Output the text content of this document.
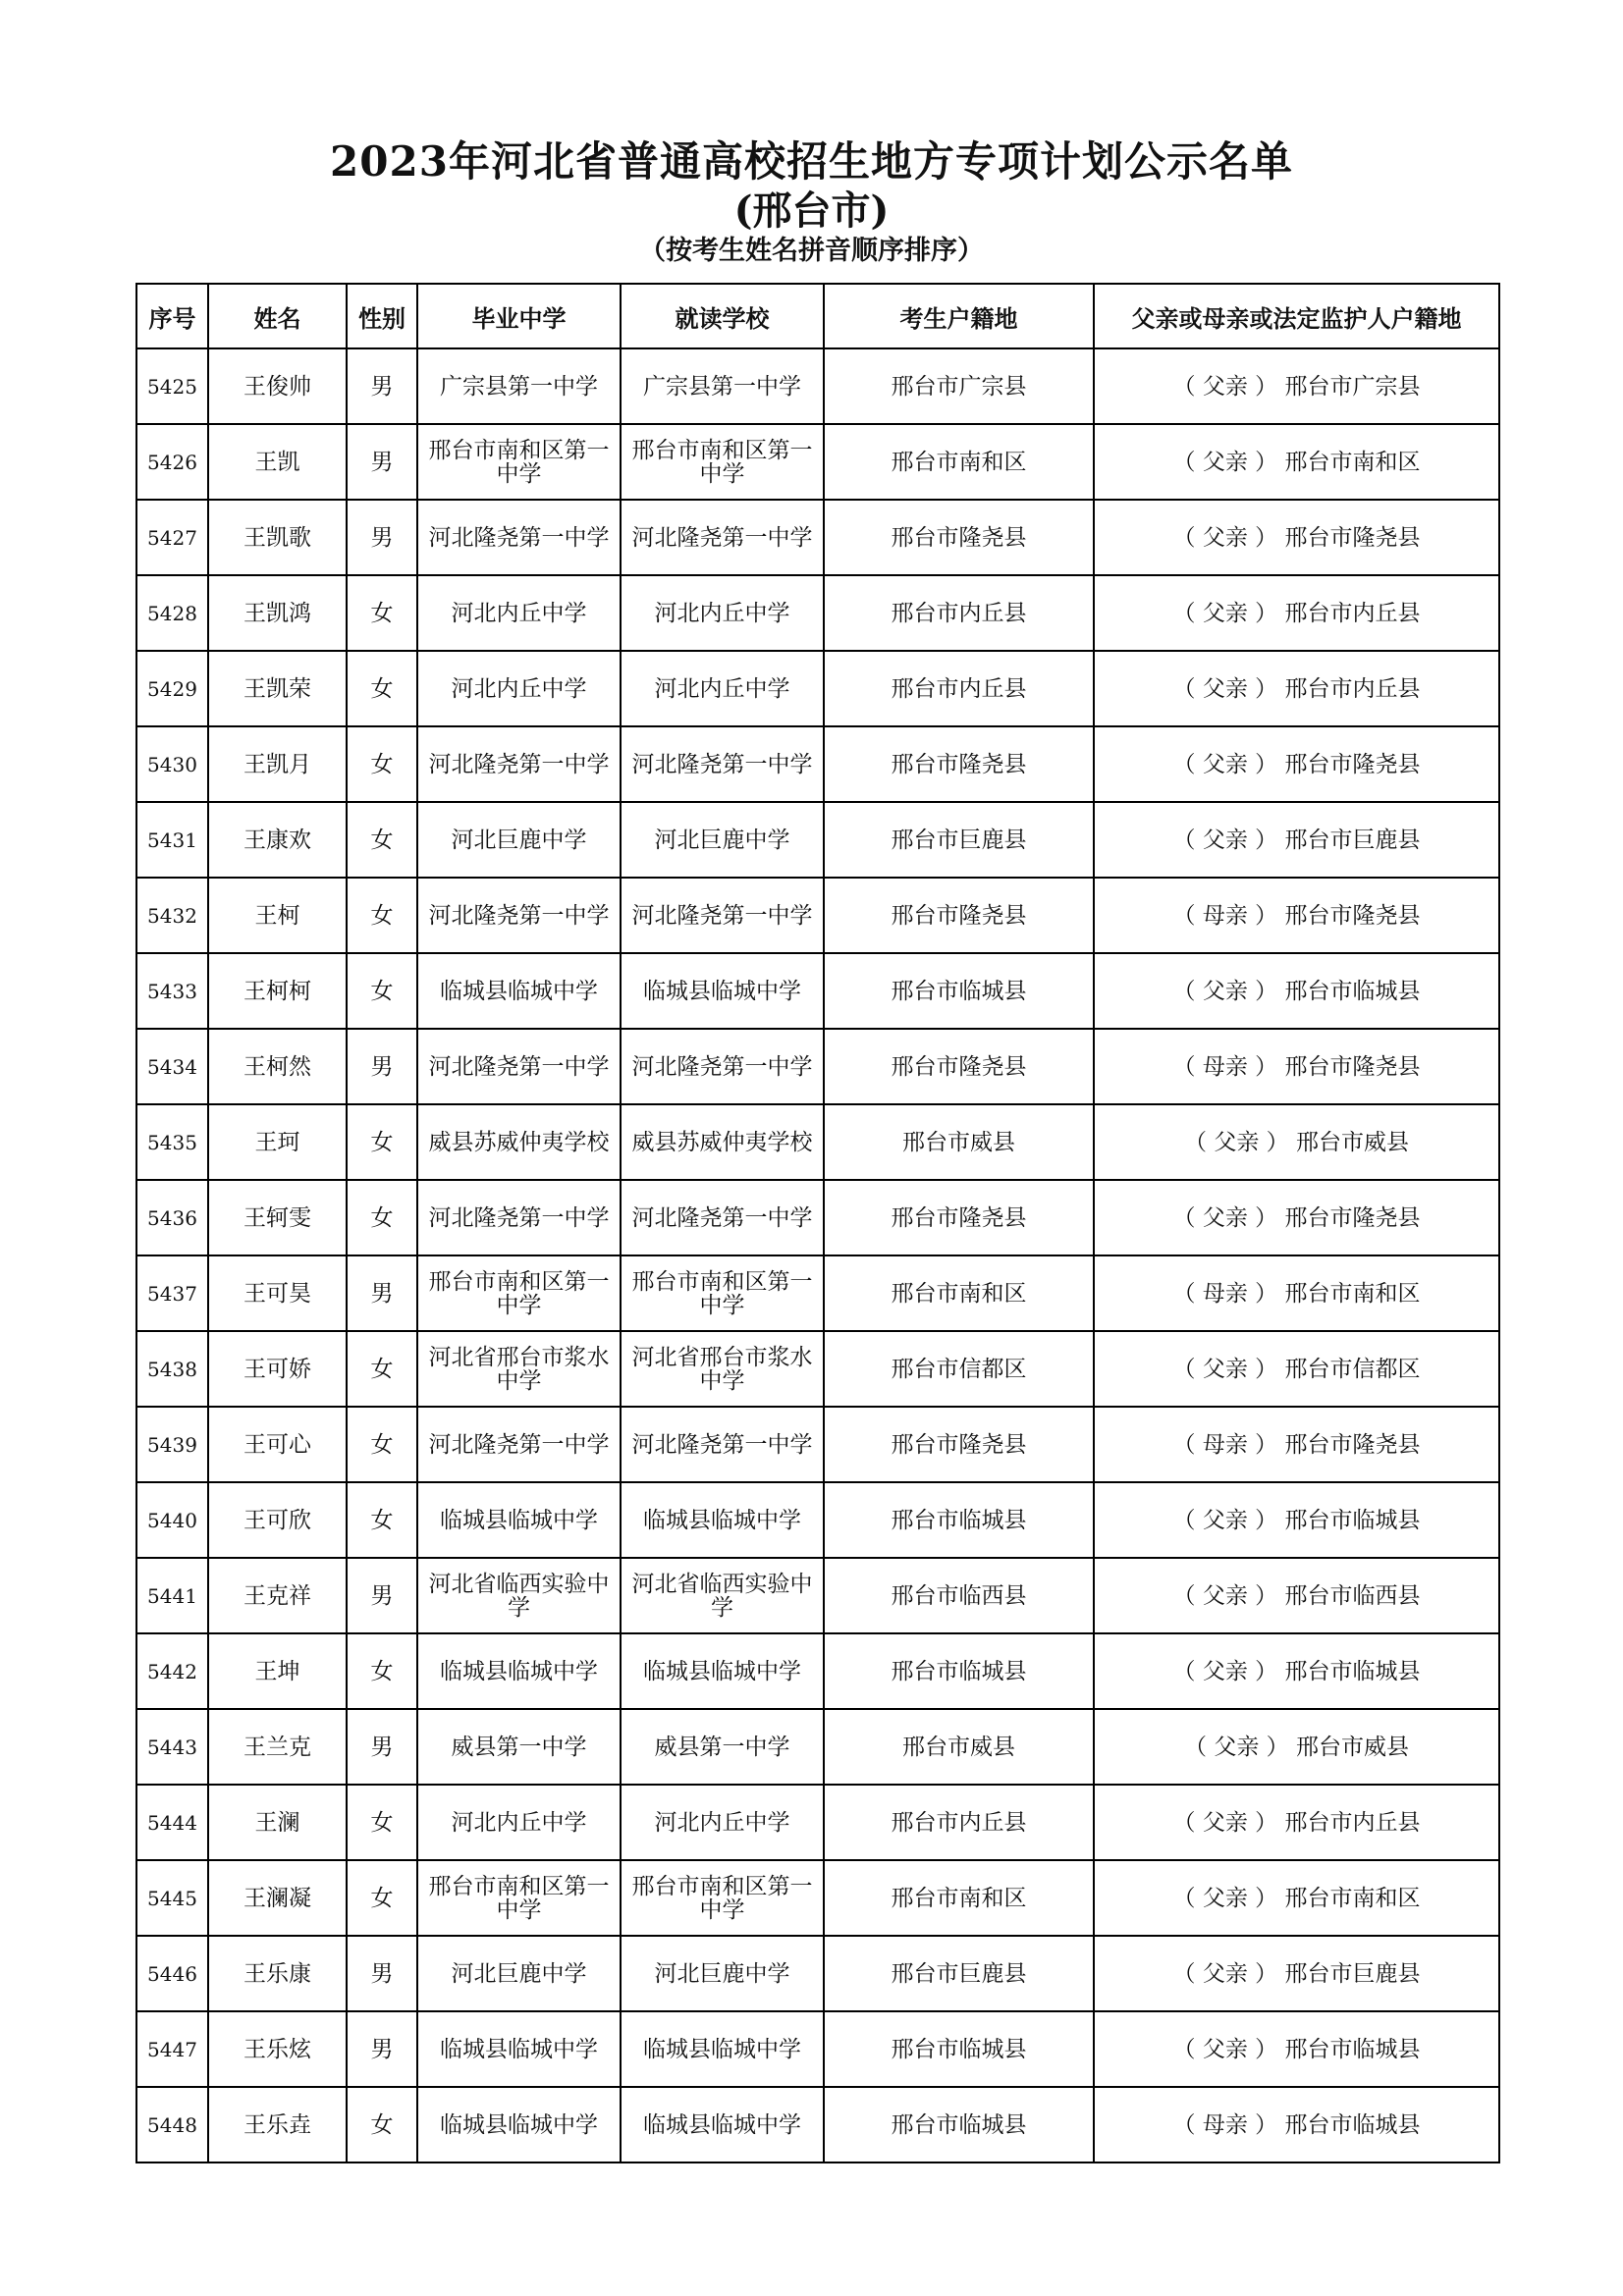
2023年河北省普通高校招生地方专项计划公示名单
(邢台市)
（按考生姓名拼音顺序排序）
序号	姓名	性别	毕业中学	就读学校	考生户籍地	父亲或母亲或法定监护人户籍地
5425	王俊帅	男	广宗县第一中学	广宗县第一中学	邢台市广宗县	（ 父亲 ） 邢台市广宗县
5426	王凯	男	邢台市南和区第一中学	邢台市南和区第一中学	邢台市南和区	（ 父亲 ） 邢台市南和区
5427	王凯歌	男	河北隆尧第一中学	河北隆尧第一中学	邢台市隆尧县	（ 父亲 ） 邢台市隆尧县
5428	王凯鸿	女	河北内丘中学	河北内丘中学	邢台市内丘县	（ 父亲 ） 邢台市内丘县
5429	王凯荣	女	河北内丘中学	河北内丘中学	邢台市内丘县	（ 父亲 ） 邢台市内丘县
5430	王凯月	女	河北隆尧第一中学	河北隆尧第一中学	邢台市隆尧县	（ 父亲 ） 邢台市隆尧县
5431	王康欢	女	河北巨鹿中学	河北巨鹿中学	邢台市巨鹿县	（ 父亲 ） 邢台市巨鹿县
5432	王柯	女	河北隆尧第一中学	河北隆尧第一中学	邢台市隆尧县	（ 母亲 ） 邢台市隆尧县
5433	王柯柯	女	临城县临城中学	临城县临城中学	邢台市临城县	（ 父亲 ） 邢台市临城县
5434	王柯然	男	河北隆尧第一中学	河北隆尧第一中学	邢台市隆尧县	（ 母亲 ） 邢台市隆尧县
5435	王珂	女	威县苏威仲夷学校	威县苏威仲夷学校	邢台市威县	（ 父亲 ） 邢台市威县
5436	王轲雯	女	河北隆尧第一中学	河北隆尧第一中学	邢台市隆尧县	（ 父亲 ） 邢台市隆尧县
5437	王可昊	男	邢台市南和区第一中学	邢台市南和区第一中学	邢台市南和区	（ 母亲 ） 邢台市南和区
5438	王可娇	女	河北省邢台市浆水中学	河北省邢台市浆水中学	邢台市信都区	（ 父亲 ） 邢台市信都区
5439	王可心	女	河北隆尧第一中学	河北隆尧第一中学	邢台市隆尧县	（ 母亲 ） 邢台市隆尧县
5440	王可欣	女	临城县临城中学	临城县临城中学	邢台市临城县	（ 父亲 ） 邢台市临城县
5441	王克祥	男	河北省临西实验中学	河北省临西实验中学	邢台市临西县	（ 父亲 ） 邢台市临西县
5442	王坤	女	临城县临城中学	临城县临城中学	邢台市临城县	（ 父亲 ） 邢台市临城县
5443	王兰克	男	威县第一中学	威县第一中学	邢台市威县	（ 父亲 ） 邢台市威县
5444	王澜	女	河北内丘中学	河北内丘中学	邢台市内丘县	（ 父亲 ） 邢台市内丘县
5445	王澜凝	女	邢台市南和区第一中学	邢台市南和区第一中学	邢台市南和区	（ 父亲 ） 邢台市南和区
5446	王乐康	男	河北巨鹿中学	河北巨鹿中学	邢台市巨鹿县	（ 父亲 ） 邢台市巨鹿县
5447	王乐炫	男	临城县临城中学	临城县临城中学	邢台市临城县	（ 父亲 ） 邢台市临城县
5448	王乐垚	女	临城县临城中学	临城县临城中学	邢台市临城县	（ 母亲 ） 邢台市临城县
